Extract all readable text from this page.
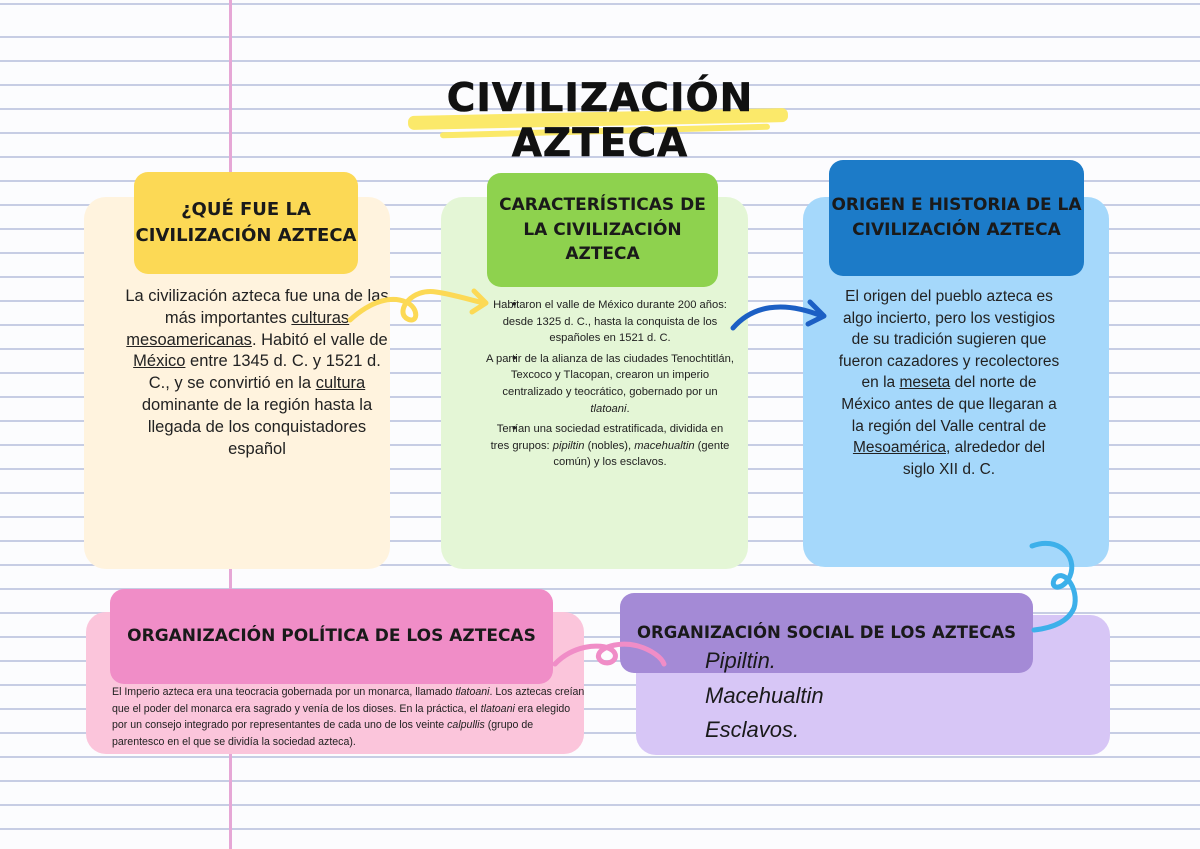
CIVILIZACIÓN AZTECA
¿QUÉ FUE LA
CIVILIZACIÓN AZTECA
La civilización azteca fue una de las más importantes culturas mesoamericanas. Habitó el valle de México entre 1345 d. C. y 1521 d. C., y se convirtió en la cultura dominante de la región hasta la llegada de los conquistadores español
CARACTERÍSTICAS DE
LA CIVILIZACIÓN AZTECA
• Habitaron el valle de México durante 200 años: desde 1325 d. C., hasta la conquista de los españoles en 1521 d. C.
• A partir de la alianza de las ciudades Tenochtitlán, Texcoco y Tlacopan, crearon un imperio centralizado y teocrático, gobernado por un tlatoani.
• Tenían una sociedad estratificada, dividida en tres grupos: pipiltin (nobles), macehualtin (gente común) y los esclavos.
ORIGEN E HISTORIA DE LA
CIVILIZACIÓN AZTECA
El origen del pueblo azteca es algo incierto, pero los vestigios de su tradición sugieren que fueron cazadores y recolectores en la meseta del norte de México antes de que llegaran a la región del Valle central de Mesoamérica, alrededor del siglo XII d. C.
ORGANIZACIÓN POLÍTICA DE LOS AZTECAS
El Imperio azteca era una teocracia gobernada por un monarca, llamado tlatoani. Los aztecas creían que el poder del monarca era sagrado y venía de los dioses. En la práctica, el tlatoani era elegido por un consejo integrado por representantes de cada uno de los veinte calpullis (grupo de parentesco en el que se dividía la sociedad azteca).
ORGANIZACIÓN SOCIAL DE LOS AZTECAS
Pipiltin.
Macehualtin
Esclavos.
